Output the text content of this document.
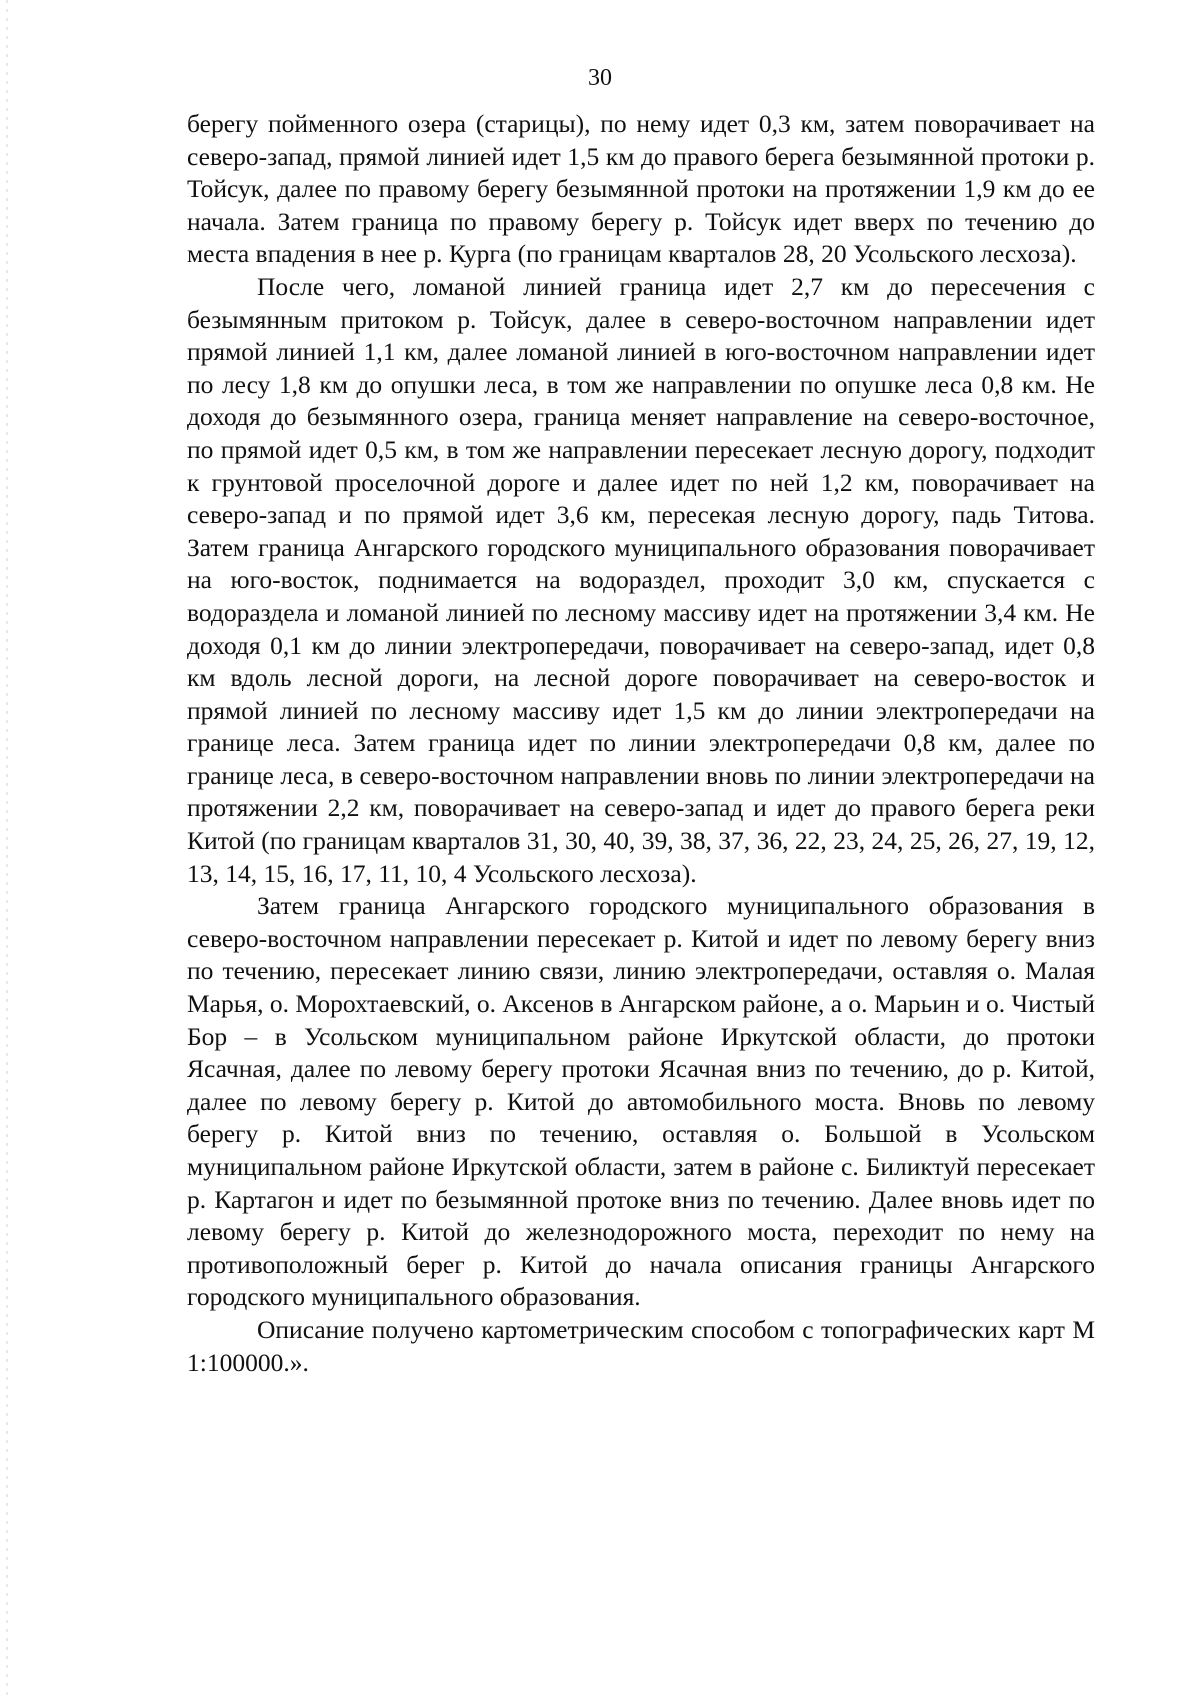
30

берегу пойменного озера (старицы), по нему идет 0,3 км, затем поворачивает на северо-запад, прямой линией идет 1,5 км до правого берега безымянной протоки р. Тойсук, далее по правому берегу безымянной протоки на протяжении 1,9 км до ее начала. Затем граница по правому берегу р. Тойсук идет вверх по течению до места впадения в нее р. Курга (по границам кварталов 28, 20 Усольского лесхоза).

После чего, ломаной линией граница идет 2,7 км до пересечения с безымянным притоком р. Тойсук, далее в северо-восточном направлении идет прямой линией 1,1 км, далее ломаной линией в юго-восточном направлении идет по лесу 1,8 км до опушки леса, в том же направлении по опушке леса 0,8 км. Не доходя до безымянного озера, граница меняет направление на северо-восточное, по прямой идет 0,5 км, в том же направлении пересекает лесную дорогу, подходит к грунтовой проселочной дороге и далее идет по ней 1,2 км, поворачивает на северо-запад и по прямой идет 3,6 км, пересекая лесную дорогу, падь Титова. Затем граница Ангарского городского муниципального образования поворачивает на юго-восток, поднимается на водораздел, проходит 3,0 км, спускается с водораздела и ломаной линией по лесному массиву идет на протяжении 3,4 км. Не доходя 0,1 км до линии электропередачи, поворачивает на северо-запад, идет 0,8 км вдоль лесной дороги, на лесной дороге поворачивает на северо-восток и прямой линией по лесному массиву идет 1,5 км до линии электропередачи на границе леса. Затем граница идет по линии электропередачи 0,8 км, далее по границе леса, в северо-восточном направлении вновь по линии электропередачи на протяжении 2,2 км, поворачивает на северо-запад и идет до правого берега реки Китой (по границам кварталов 31, 30, 40, 39, 38, 37, 36, 22, 23, 24, 25, 26, 27, 19, 12, 13, 14, 15, 16, 17, 11, 10, 4 Усольского лесхоза).

Затем граница Ангарского городского муниципального образования в северо-восточном направлении пересекает р. Китой и идет по левому берегу вниз по течению, пересекает линию связи, линию электропередачи, оставляя о. Малая Марья, о. Морохтаевский, о. Аксенов в Ангарском районе, а о. Марьин и о. Чистый Бор – в Усольском муниципальном районе Иркутской области, до протоки Ясачная, далее по левому берегу протоки Ясачная вниз по течению, до р. Китой, далее по левому берегу р. Китой до автомобильного моста. Вновь по левому берегу р. Китой вниз по течению, оставляя о. Большой в Усольском муниципальном районе Иркутской области, затем в районе с. Биликтуй пересекает р. Картагон и идет по безымянной протоке вниз по течению. Далее вновь идет по левому берегу р. Китой до железнодорожного моста, переходит по нему на противоположный берег р. Китой до начала описания границы Ангарского городского муниципального образования.

Описание получено картометрическим способом с топографических карт М 1:100000.».
